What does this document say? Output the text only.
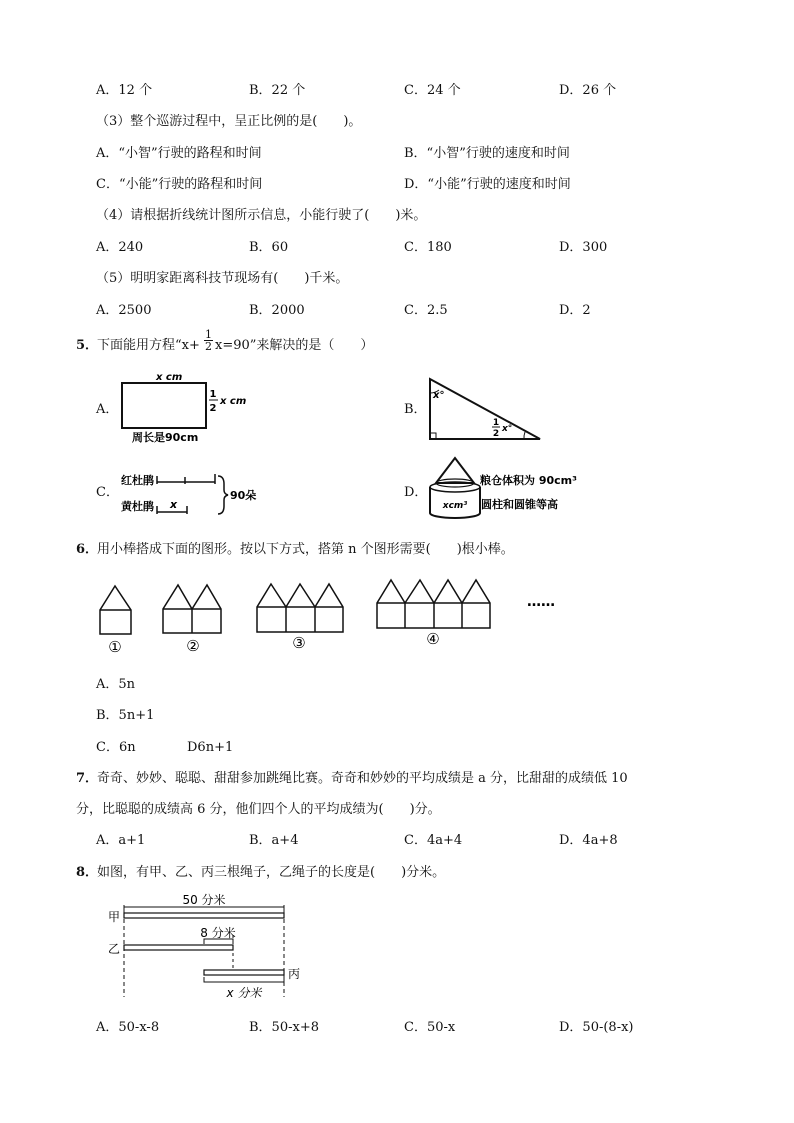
A．12 个	B．22 个	C．24 个	D．26 个
（3）整个巡游过程中，呈正比例的是(　　)。
A．“小智”行驶的路程和时间	B．“小智”行驶的速度和时间
C．“小能”行驶的路程和时间	D．“小能”行驶的速度和时间
（4）请根据折线统计图所示信息，小能行驶了(　　)米。
A．240	B．60	C．180	D．300
（5）明明家距离科技节现场有(　　)千米。
A．2500	B．2000	C．2.5	D．2
5．
下面能用方程“$x+ \frac{1}{2} x=90$”来解决的是（　　）
A．
x cm
1
2
x cm
周长是90cm
B．
x°
1
2 x°
C．
红杜鹃
黄杜鹃 x
90朵	D．
xcm³
粮仓体积为 90cm³
圆柱和圆锥等高
6．
用小棒搭成下面的图形。按以下方式，搭第 n 个图形需要(　　)根小棒。
①	②	③	④
……
A．5n
B．5n+1
C．6n	D6n+1
7．
奇奇、妙妙、聪聪、甜甜参加跳绳比赛。奇奇和妙妙的平均成绩是 a 分，比甜甜的成绩低 10
分，比聪聪的成绩高 6 分，他们四个人的平均成绩为(　　)分。
A．a+1	B．a+4	C．4a+4	D．4a+8
8．
如图，有甲、乙、丙三根绳子，乙绳子的长度是(　　)分米。
50 分米
甲
8 分米
乙
丙
x 分米
A．50-x-8	B．50-x+8	C．50-x	D．50-(8-x)
